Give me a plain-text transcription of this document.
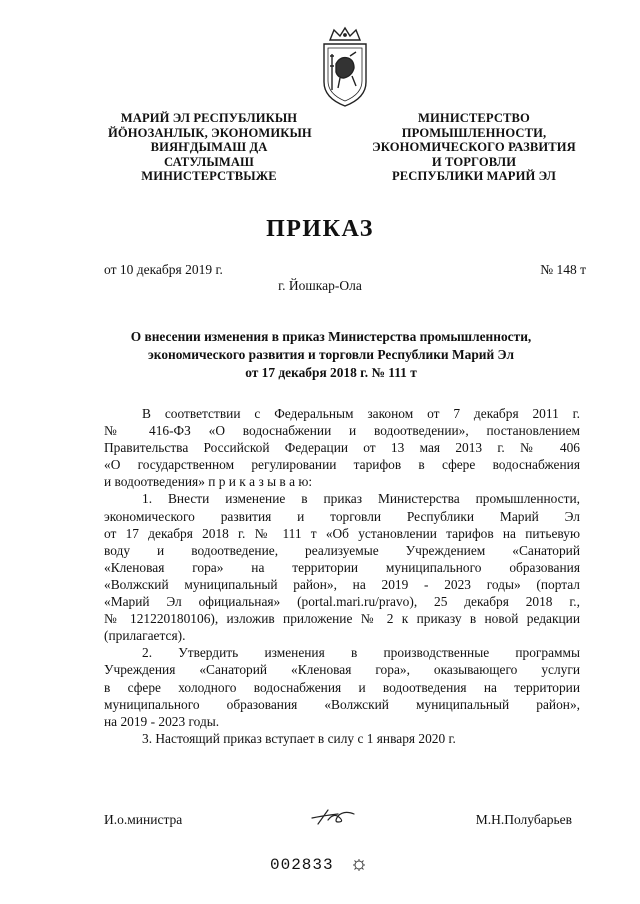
МАРИЙ ЭЛ РЕСПУБЛИКЫН
ЙÖНОЗАНЛЫК, ЭКОНОМИКЫН
ВИЯҤДЫМАШ ДА
САТУЛЫМАШ
МИНИСТЕРСТВЫЖЕ
МИНИСТЕРСТВО
ПРОМЫШЛЕННОСТИ,
ЭКОНОМИЧЕСКОГО РАЗВИТИЯ
И ТОРГОВЛИ
РЕСПУБЛИКИ МАРИЙ ЭЛ
ПРИКАЗ
от 10 декабря 2019 г.	№ 148 т
г. Йошкар-Ола
О внесении изменения в приказ Министерства промышленности,
экономического развития и торговли Республики Марий Эл
от 17 декабря 2018 г. № 111 т
В соответствии с Федеральным законом от 7 декабря 2011 г.
№ 416-ФЗ «О водоснабжении и водоотведении», постановлением
Правительства Российской Федерации от 13 мая 2013 г. № 406
«О государственном регулировании тарифов в сфере водоснабжения
и водоотведения» п р и к а з ы в а ю:
1. Внести изменение в приказ Министерства промышленности,
экономического развития и торговли Республики Марий Эл
от 17 декабря 2018 г. № 111 т «Об установлении тарифов на питьевую
воду и водоотведение, реализуемые Учреждением «Санаторий
«Кленовая гора» на территории муниципального образования
«Волжский муниципальный район», на 2019 - 2023 годы» (портал
«Марий Эл официальная» (portal.mari.ru/pravo), 25 декабря 2018 г.,
№ 121220180106), изложив приложение № 2 к приказу в новой редакции
(прилагается).
2. Утвердить изменения в производственные программы
Учреждения «Санаторий «Кленовая гора», оказывающего услуги
в сфере холодного водоснабжения и водоотведения на территории
муниципального образования «Волжский муниципальный район»,
на 2019 - 2023 годы.
3. Настоящий приказ вступает в силу с 1 января 2020 г.
И.о.министра	М.Н.Полубарьев
002833
